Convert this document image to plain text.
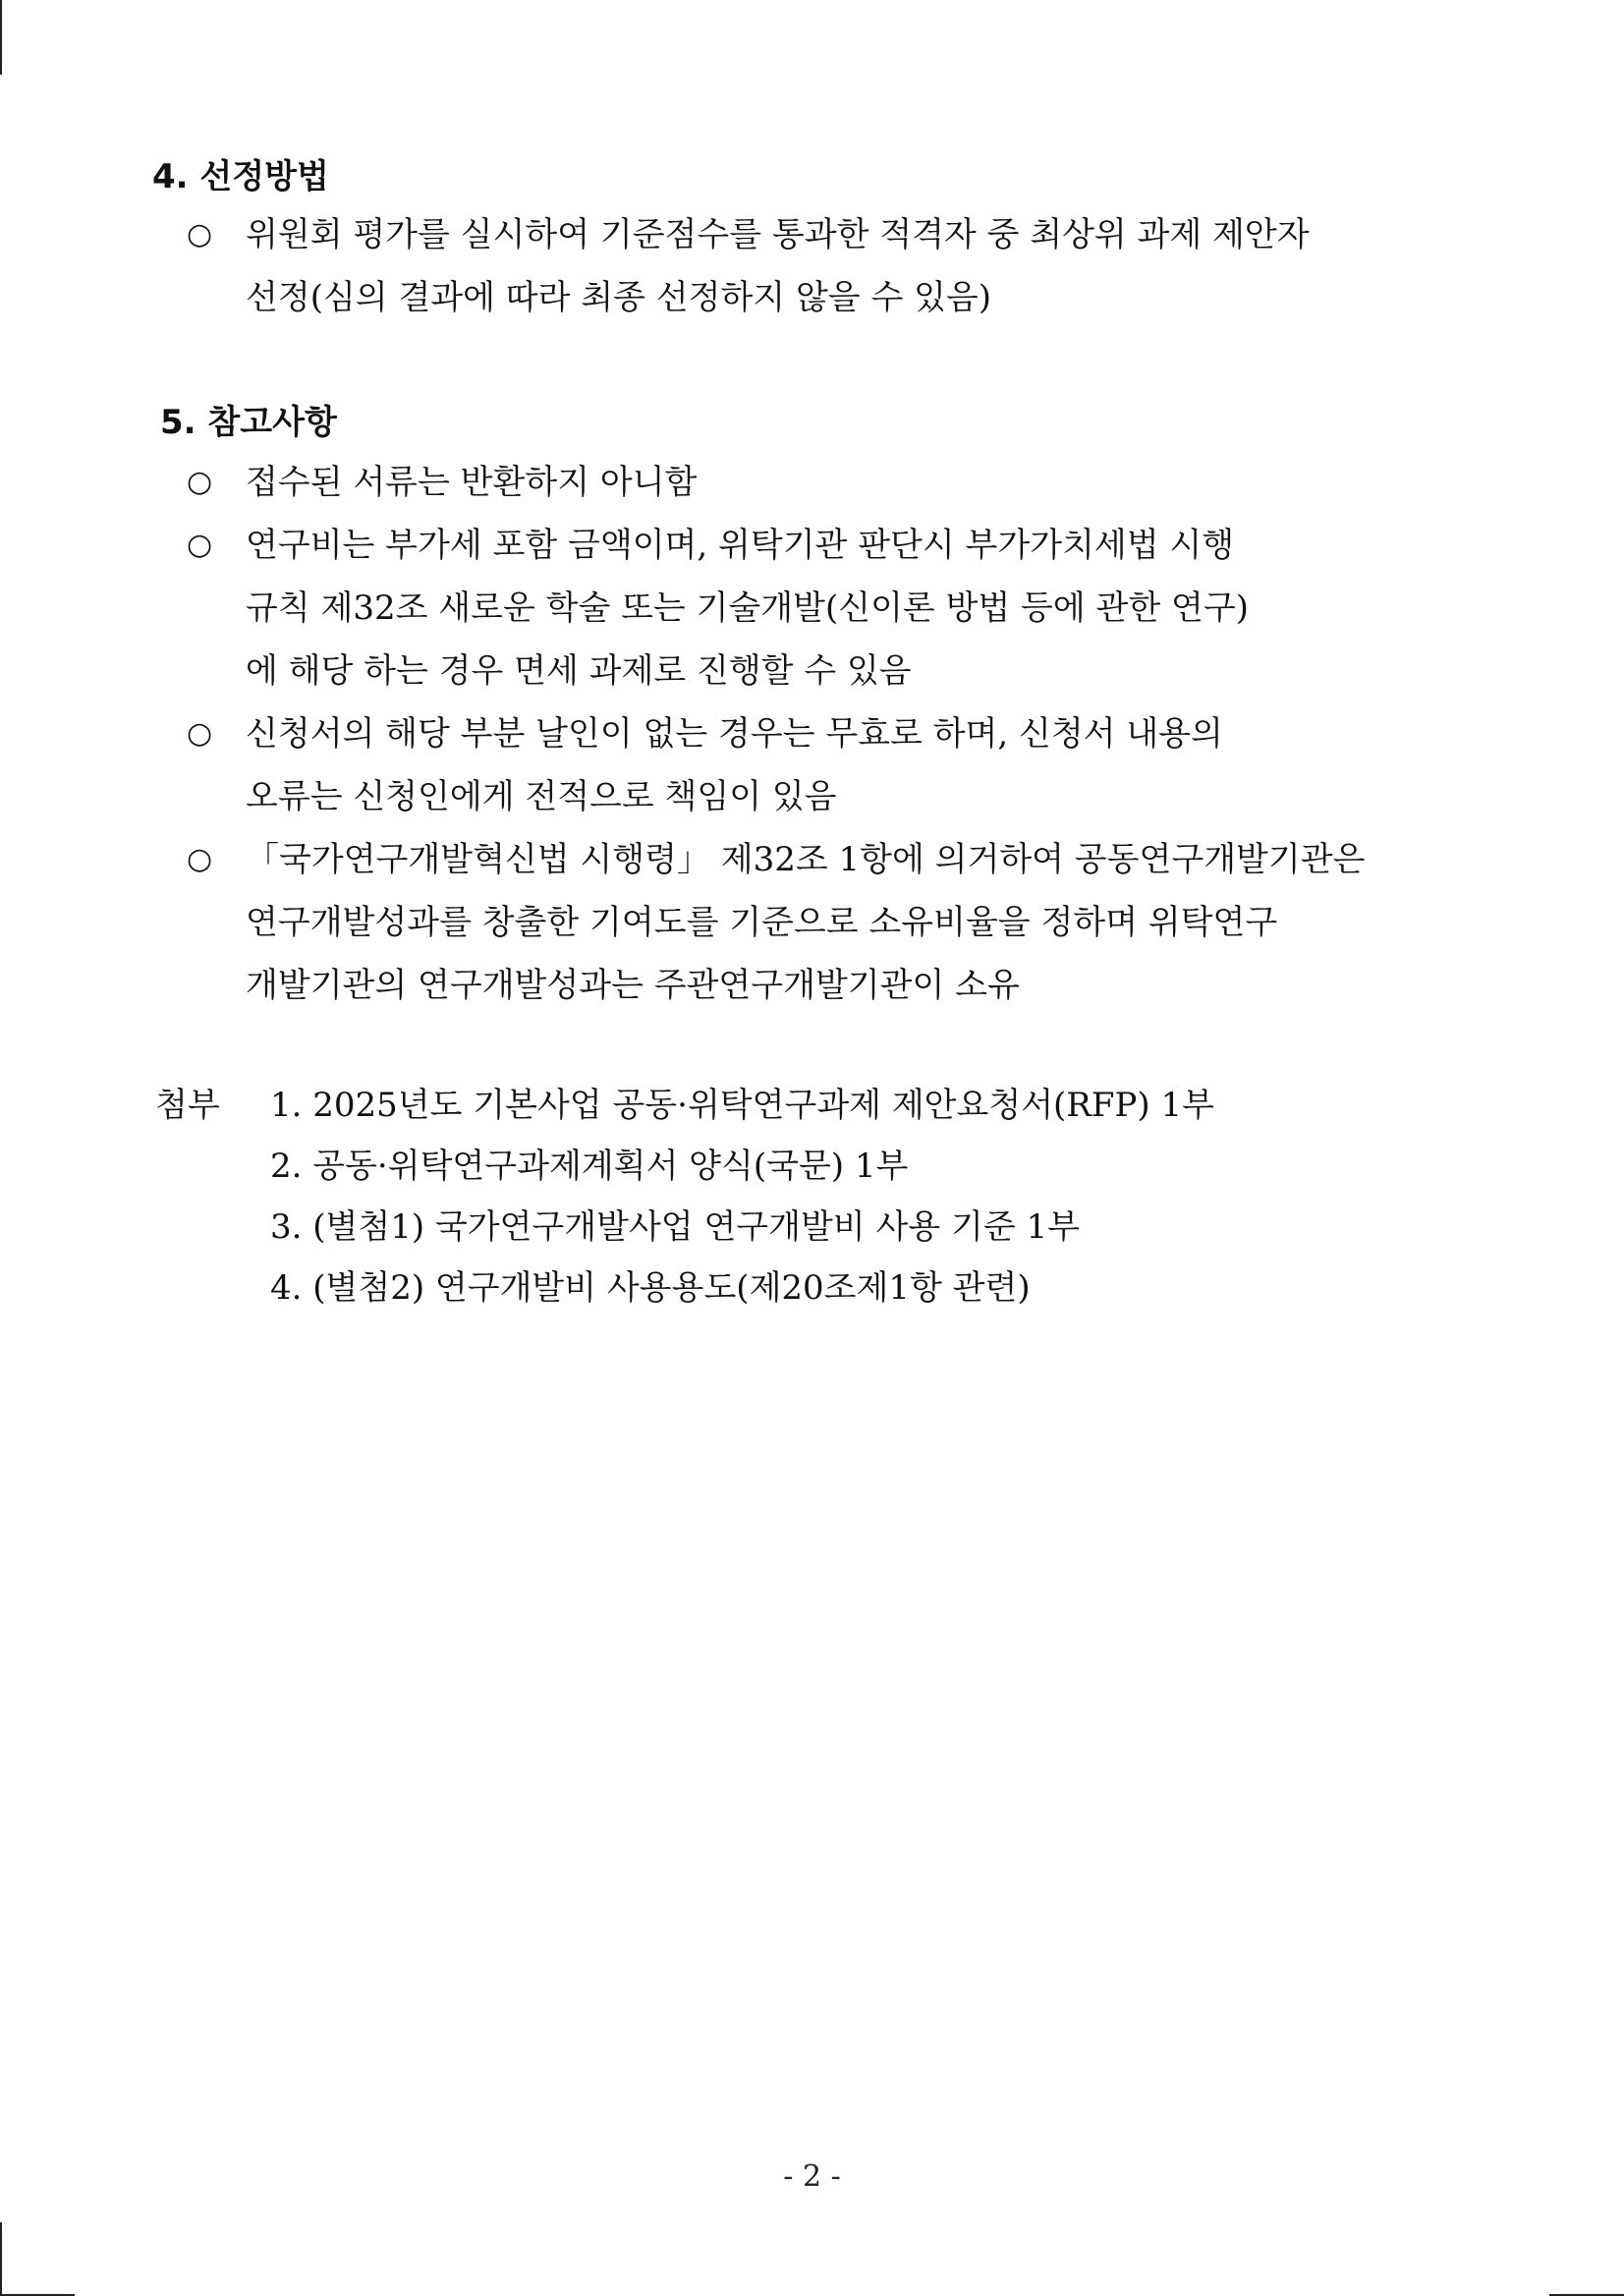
4. 선정방법
○ 위원회 평가를 실시하여 기준점수를 통과한 적격자 중 최상위 과제 제안자
선정(심의 결과에 따라 최종 선정하지 않을 수 있음)
5. 참고사항
○ 접수된 서류는 반환하지 아니함
○ 연구비는 부가세 포함 금액이며, 위탁기관 판단시 부가가치세법 시행
규칙 제32조 새로운 학술 또는 기술개발(신이론 방법 등에 관한 연구)
에 해당 하는 경우 면세 과제로 진행할 수 있음
○ 신청서의 해당 부분 날인이 없는 경우는 무효로 하며, 신청서 내용의
오류는 신청인에게 전적으로 책임이 있음
○ 「국가연구개발혁신법 시행령」 제32조 1항에 의거하여 공동연구개발기관은
연구개발성과를 창출한 기여도를 기준으로 소유비율을 정하며 위탁연구
개발기관의 연구개발성과는 주관연구개발기관이 소유
첨부 1. 2025년도 기본사업 공동·위탁연구과제 제안요청서(RFP) 1부
2. 공동·위탁연구과제계획서 양식(국문) 1부
3. (별첨1) 국가연구개발사업 연구개발비 사용 기준 1부
4. (별첨2) 연구개발비 사용용도(제20조제1항 관련)
- 2 -
